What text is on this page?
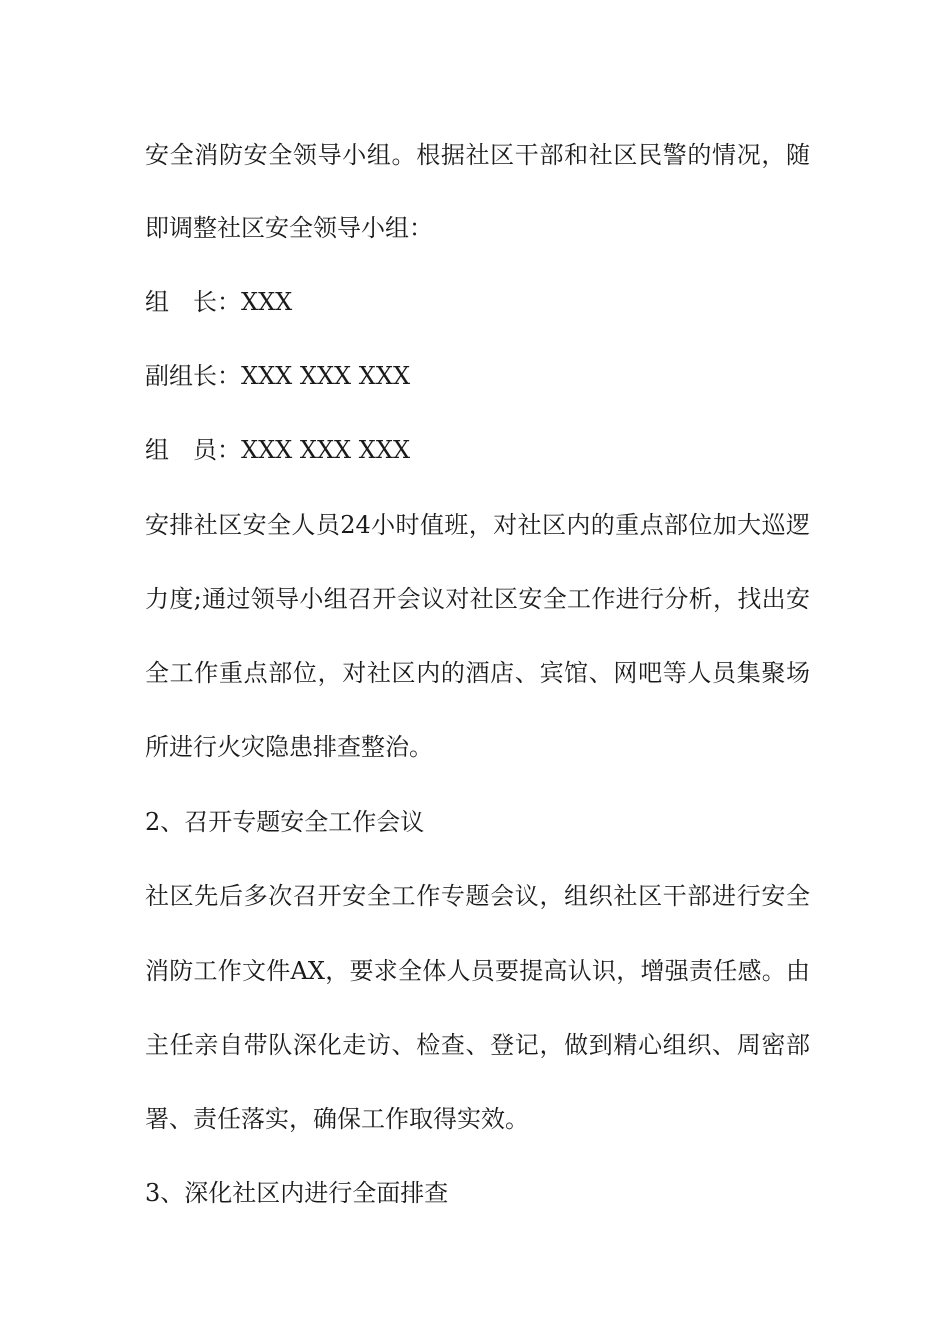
安全消防安全领导小组。根据社区干部和社区民警的情况，随
即调整社区安全领导小组：
组　长：XXX
副组长：XXX XXX XXX
组　员：XXX XXX XXX
安排社区安全人员24小时值班，对社区内的重点部位加大巡逻
力度;通过领导小组召开会议对社区安全工作进行分析，找出安
全工作重点部位，对社区内的酒店、宾馆、网吧等人员集聚场
所进行火灾隐患排查整治。
2、召开专题安全工作会议
社区先后多次召开安全工作专题会议，组织社区干部进行安全
消防工作文件AX，要求全体人员要提高认识，增强责任感。由
主任亲自带队深化走访、检查、登记，做到精心组织、周密部
署、责任落实，确保工作取得实效。
3、深化社区内进行全面排查
